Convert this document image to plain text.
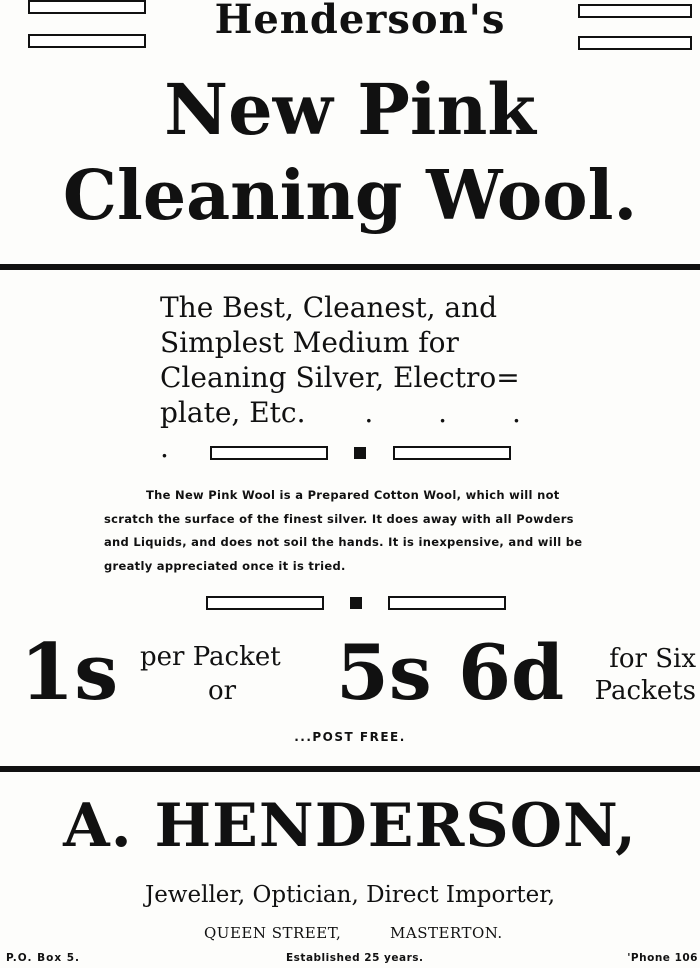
Henderson's
New Pink
Cleaning Wool.
The Best, Cleanest, and
Simplest Medium for
Cleaning Silver, Electro=
plate, Etc. . . . .
The New Pink Wool is a Prepared Cotton Wool, which will not
scratch the surface of the finest silver. It does away with all Powders
and Liquids, and does not soil the hands. It is inexpensive, and will be
greatly appreciated once it is tried.
1s per Packet
or 5s 6d	for Six
Packets
...POST FREE.
A. HENDERSON,
Jeweller, Optician, Direct Importer,
QUEEN STREET,	MASTERTON.
P.O. Box 5.	Established 25 years.	'Phone 106
